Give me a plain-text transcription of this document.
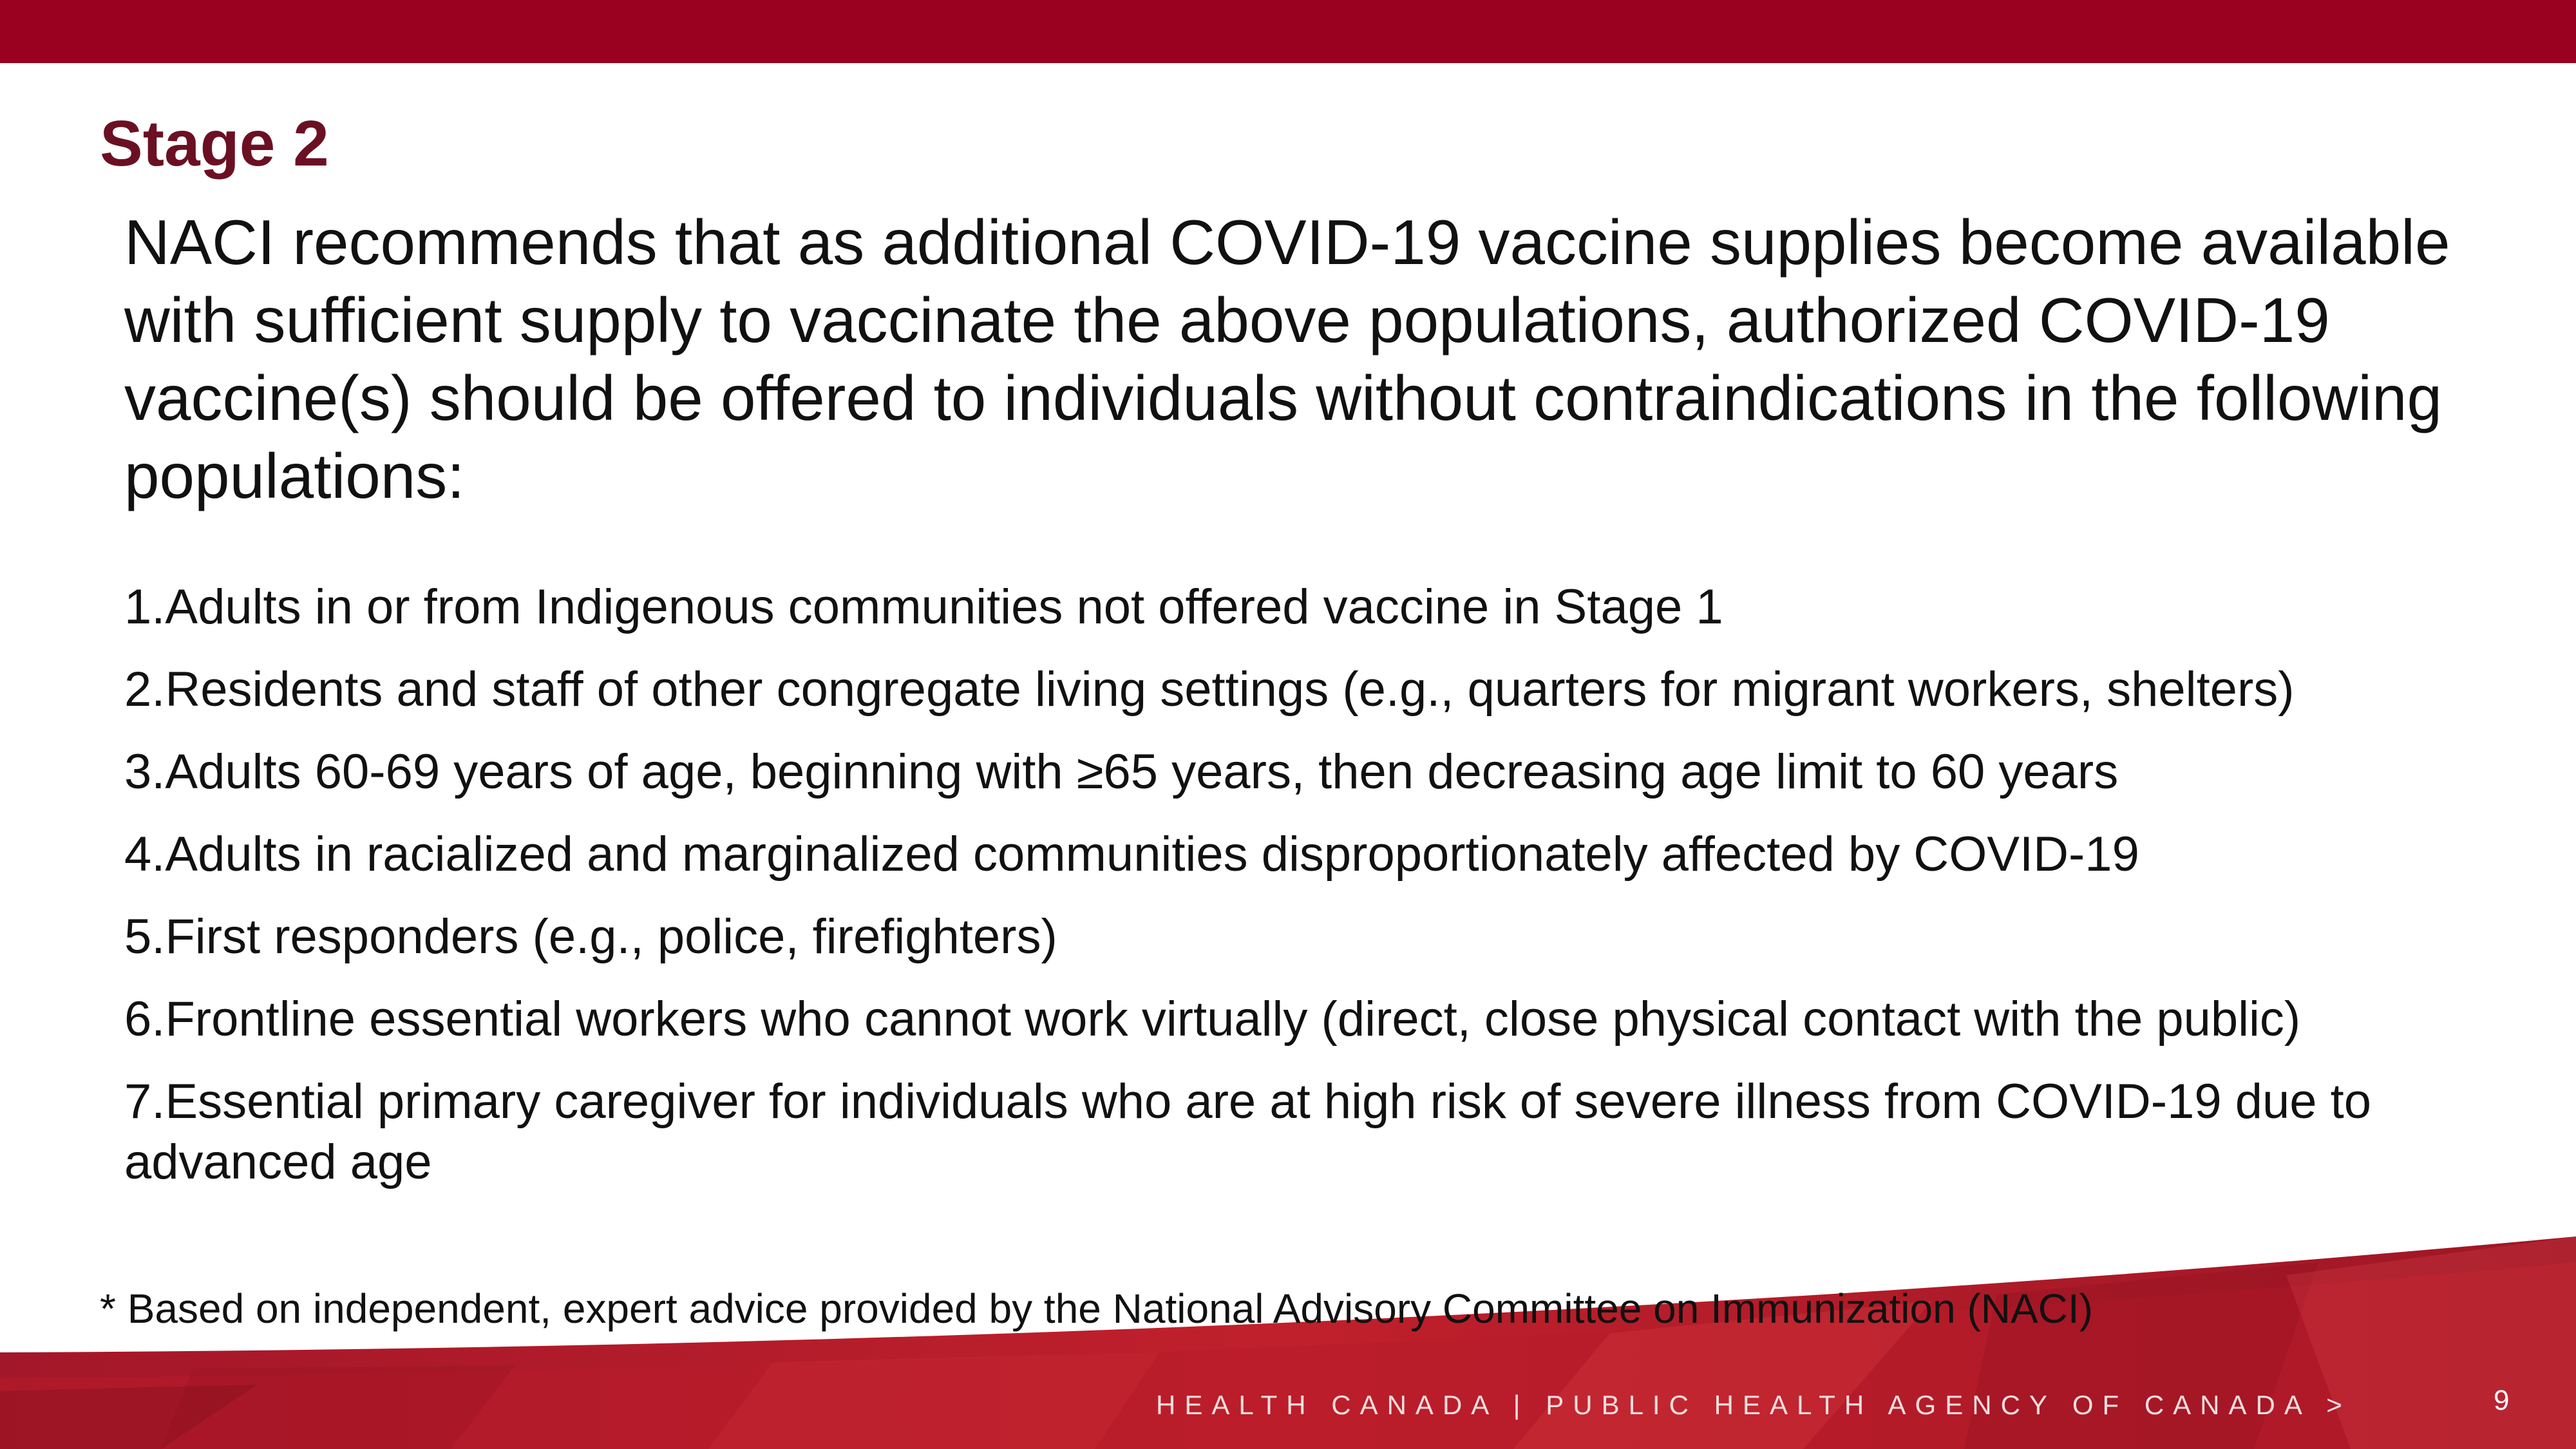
Stage 2

NACI recommends that as additional COVID-19 vaccine supplies become available with sufficient supply to vaccinate the above populations, authorized COVID-19 vaccine(s) should be offered to individuals without contraindications in the following populations:

1.Adults in or from Indigenous communities not offered vaccine in Stage 1
2.Residents and staff of other congregate living settings (e.g., quarters for migrant workers, shelters)
3.Adults 60-69 years of age, beginning with ≥65 years, then decreasing age limit to 60 years
4.Adults in racialized and marginalized communities disproportionately affected by COVID-19
5.First responders (e.g., police, firefighters)
6.Frontline essential workers who cannot work virtually (direct, close physical contact with the public)
7.Essential primary caregiver for individuals who are at high risk of severe illness from COVID-19 due to advanced age

* Based on independent, expert advice provided by the National Advisory Committee on Immunization (NACI)

HEALTH CANADA | PUBLIC HEALTH AGENCY OF CANADA >	9
